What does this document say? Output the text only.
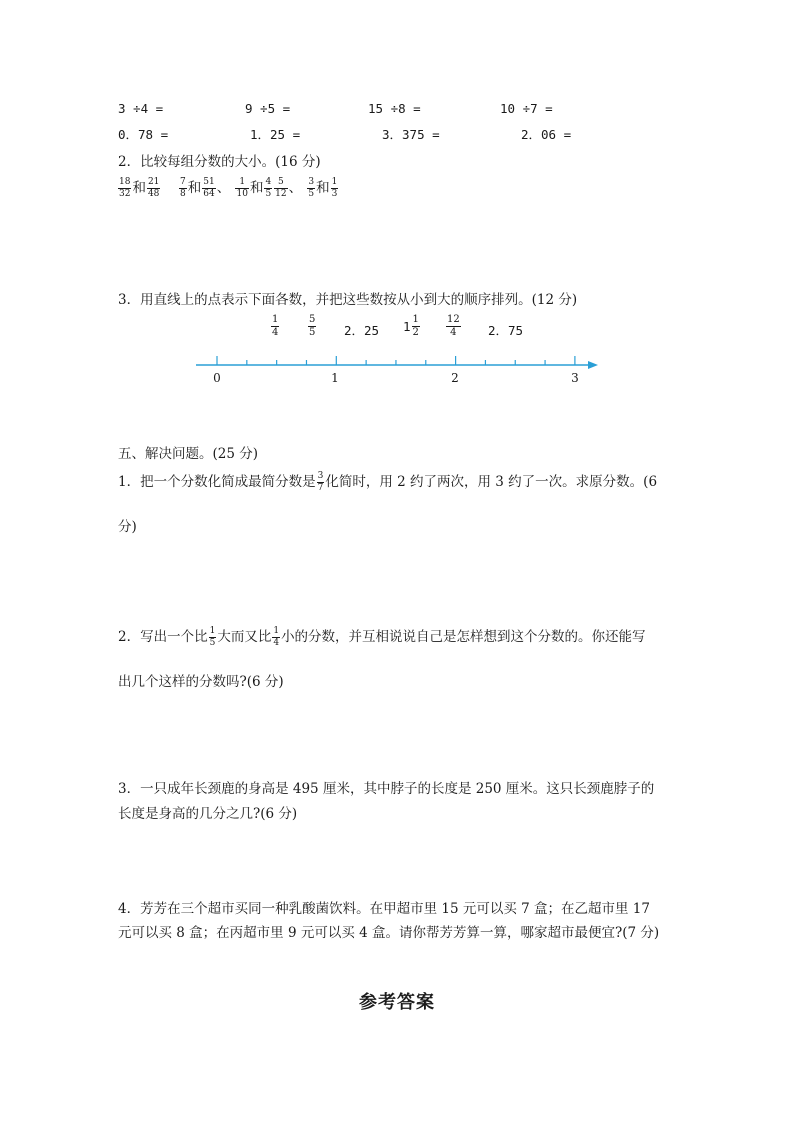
3 ÷4 =	9 ÷5 =	15 ÷8 =	10 ÷7 =
0．78 =	1．25 =	3．375 =	2．06 =
2．比较每组分数的大小。(16 分)
$\frac{18}{32}$ 和 $\frac{21}{48}$
$\frac{7}{8}$ 和 $\frac{51}{64}$ 、 $\frac{1}{10}$ 和 $\frac{4}{5} \frac{5}{12}$ 、 $\frac{3}{5}$ 和 $\frac{1}{3}$
3．用直线上的点表示下面各数，并把这些数按从小到大的顺序排列。(12 分)
1
4
5
5 2．25 $1 \frac{1}{2}$	12
4	2．75
0	1	2	3
五、解决问题。(25 分)
1．把一个分数化简成最简分数是 $\frac{3}{7}$ 化简时，用 2 约了两次，用 3 约了一次。求原分数。(6
分)
2．写出一个比 $\frac{1}{5}$ 大而又比 $\frac{1}{4}$ 小的分数，并互相说说自己是怎样想到这个分数的。你还能写
出几个这样的分数吗?(6 分)
3．一只成年长颈鹿的身高是 495 厘米，其中脖子的长度是 250 厘米。这只长颈鹿脖子的
长度是身高的几分之几?(6 分)
4．芳芳在三个超市买同一种乳酸菌饮料。在甲超市里 15 元可以买 7 盒；在乙超市里 17
元可以买 8 盒；在丙超市里 9 元可以买 4 盒。请你帮芳芳算一算，哪家超市最便宜?(7 分)
参考答案
